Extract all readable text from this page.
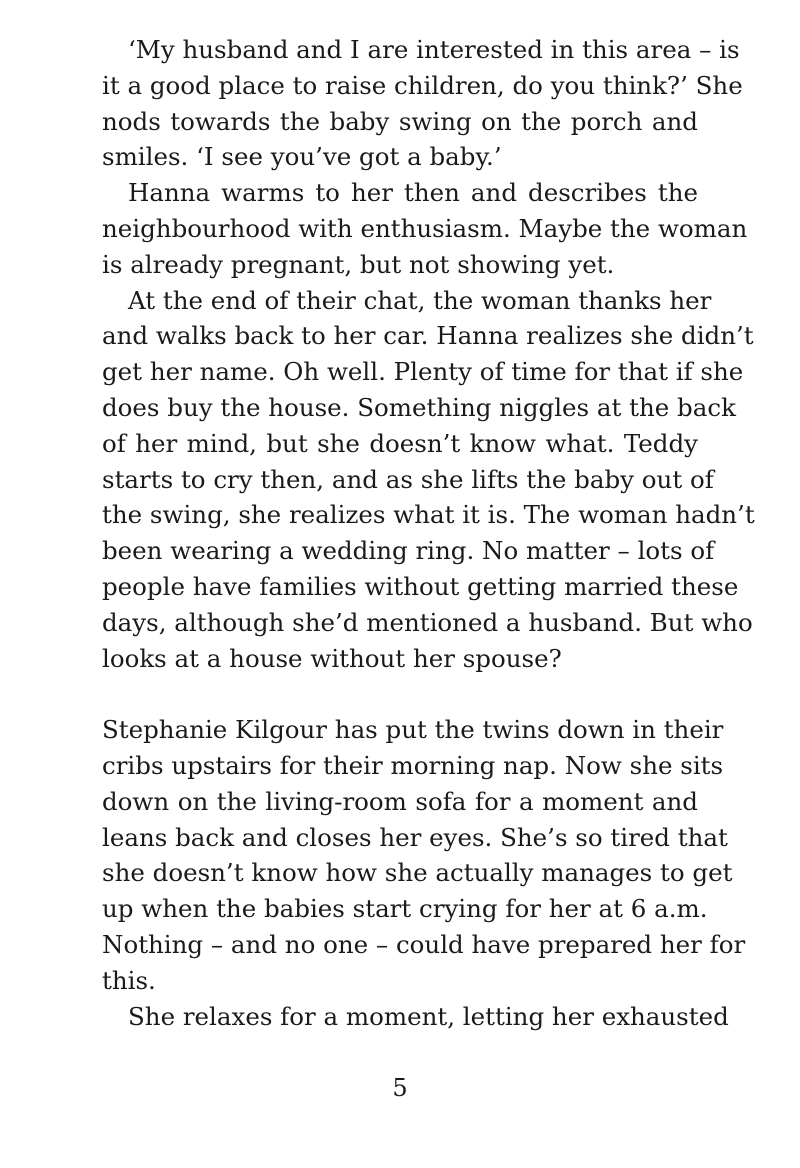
‘My husband and I are interested in this area – is
it a good place to raise children, do you think?’ She
nods towards the baby swing on the porch and
smiles. ‘I see you’ve got a baby.’
Hanna warms to her then and describes the
neighbourhood with enthusiasm. Maybe the woman
is already pregnant, but not showing yet.
At the end of their chat, the woman thanks her
and walks back to her car. Hanna realizes she didn’t
get her name. Oh well. Plenty of time for that if she
does buy the house. Something niggles at the back
of her mind, but she doesn’t know what. Teddy
starts to cry then, and as she lifts the baby out of
the swing, she realizes what it is. The woman hadn’t
been wearing a wedding ring. No matter – lots of
people have families without getting married these
days, although she’d mentioned a husband. But who
looks at a house without her spouse?
Stephanie Kilgour has put the twins down in their
cribs upstairs for their morning nap. Now she sits
down on the living-room sofa for a moment and
leans back and closes her eyes. She’s so tired that
she doesn’t know how she actually manages to get
up when the babies start crying for her at 6 a.m.
Nothing – and no one – could have prepared her for
this.
She relaxes for a moment, letting her exhausted
5
